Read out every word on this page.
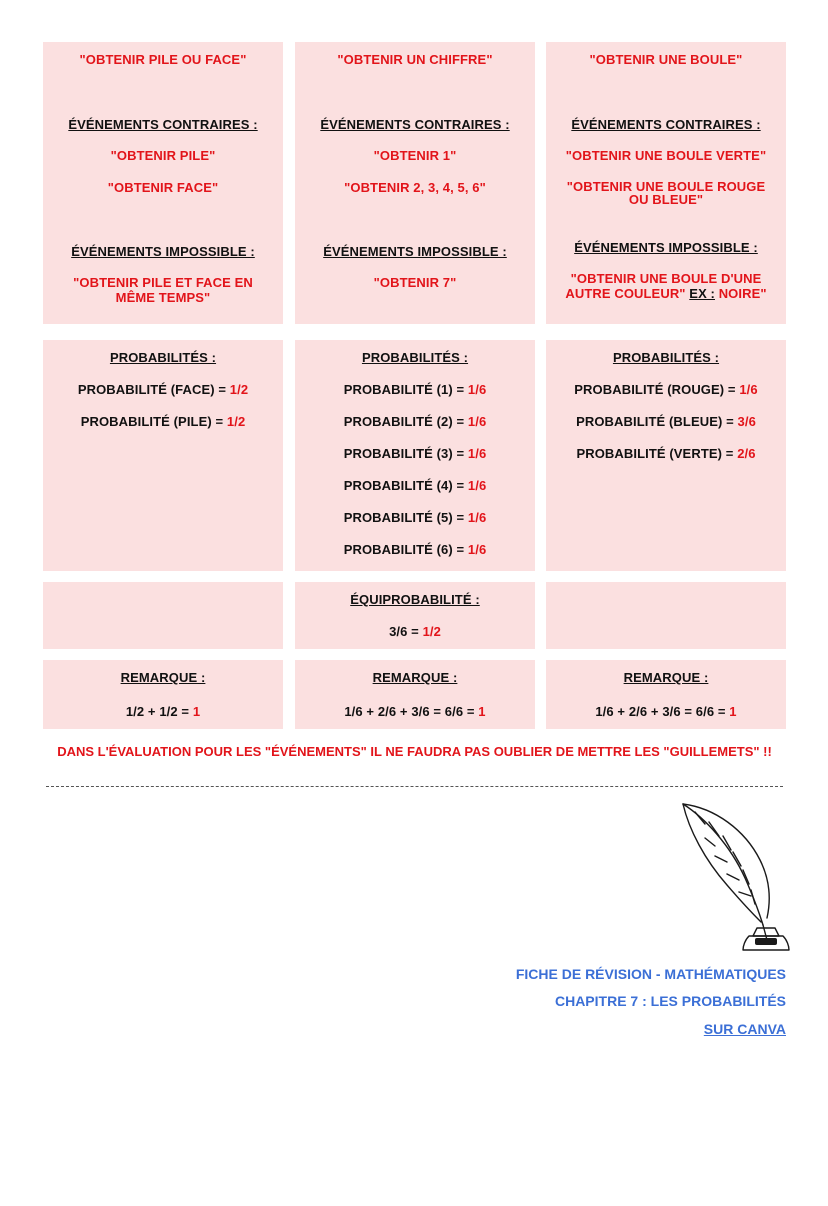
"OBTENIR PILE OU FACE"

ÉVÉNEMENTS CONTRAIRES :

"OBTENIR PILE"

"OBTENIR FACE"

ÉVÉNEMENTS IMPOSSIBLE :

"OBTENIR PILE ET FACE EN MÊME TEMPS"

"OBTENIR UN CHIFFRE"

ÉVÉNEMENTS CONTRAIRES :

"OBTENIR 1"

"OBTENIR 2, 3, 4, 5, 6"

ÉVÉNEMENTS IMPOSSIBLE :

"OBTENIR 7"

"OBTENIR UNE BOULE"

ÉVÉNEMENTS CONTRAIRES :

"OBTENIR UNE BOULE VERTE"

"OBTENIR UNE BOULE ROUGE OU BLEUE"

ÉVÉNEMENTS IMPOSSIBLE :

"OBTENIR UNE BOULE D'UNE AUTRE COULEUR" EX : NOIRE"

PROBABILITÉS :

PROBABILITÉ (FACE) = 1/2

PROBABILITÉ (PILE) = 1/2

PROBABILITÉS :

PROBABILITÉ (1) = 1/6

PROBABILITÉ (2) = 1/6

PROBABILITÉ (3) = 1/6

PROBABILITÉ (4) = 1/6

PROBABILITÉ (5) = 1/6

PROBABILITÉ (6) = 1/6

PROBABILITÉS :

PROBABILITÉ (ROUGE) = 1/6

PROBABILITÉ (BLEUE) = 3/6

PROBABILITÉ (VERTE) = 2/6

ÉQUIPROBABILITÉ :

3/6 = 1/2

REMARQUE :

1/2 + 1/2 = 1

REMARQUE :

1/6 + 2/6 + 3/6 = 6/6 = 1

REMARQUE :

1/6 + 2/6 + 3/6 = 6/6 = 1

DANS L'ÉVALUATION POUR LES "ÉVÉNEMENTS" IL NE FAUDRA PAS OUBLIER DE METTRE LES "GUILLEMETS" !!

FICHE DE RÉVISION - MATHÉMATIQUES
CHAPITRE 7 : LES PROBABILITÉS
SUR CANVA
